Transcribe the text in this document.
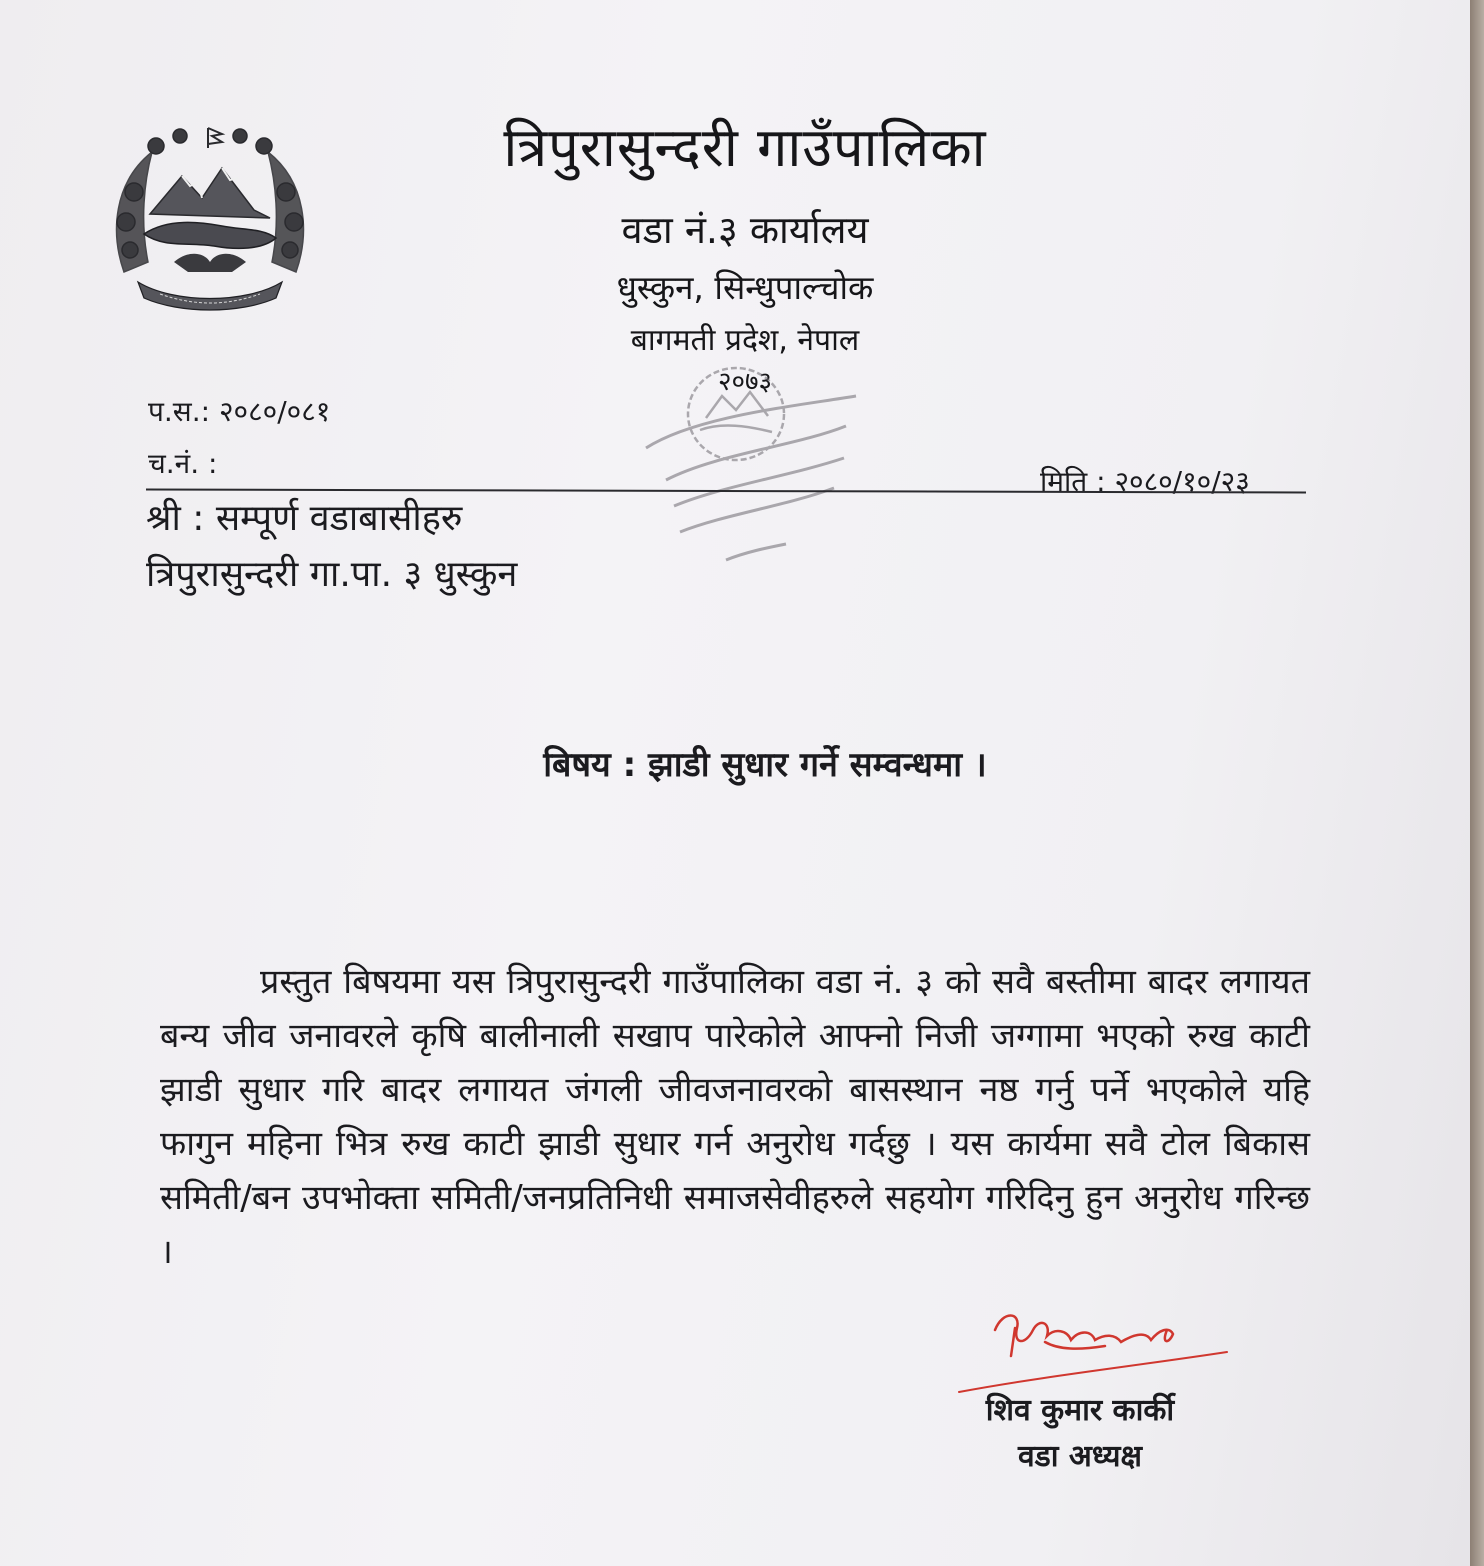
त्रिपुरासुन्दरी गाउँपालिका
वडा नं.३ कार्यालय
धुस्कुन, सिन्धुपाल्चोक
बागमती प्रदेश, नेपाल
२०७३
प.स.: २०८०/०८१
च.नं. :
मिति : २०८०/१०/२३
श्री : सम्पूर्ण वडाबासीहरु
त्रिपुरासुन्दरी गा.पा. ३ धुस्कुन
बिषय : झाडी सुधार गर्ने सम्वन्धमा ।
प्रस्तुत बिषयमा यस त्रिपुरासुन्दरी गाउँपालिका वडा नं. ३ को सवै बस्तीमा बादर लगायत बन्य जीव जनावरले कृषि बालीनाली सखाप पारेकोले आफ्नो निजी जग्गामा भएको रुख काटी झाडी सुधार गरि बादर लगायत जंगली जीवजनावरको बासस्थान नष्ठ गर्नु पर्ने भएकोले यहि फागुन महिना भित्र रुख काटी झाडी सुधार गर्न अनुरोध गर्दछु । यस कार्यमा सवै टोल बिकास समिती/बन उपभोक्ता समिती/जनप्रतिनिधी समाजसेवीहरुले सहयोग गरिदिनु हुन अनुरोध गरिन्छ ।
शिव कुमार कार्की
वडा अध्यक्ष
